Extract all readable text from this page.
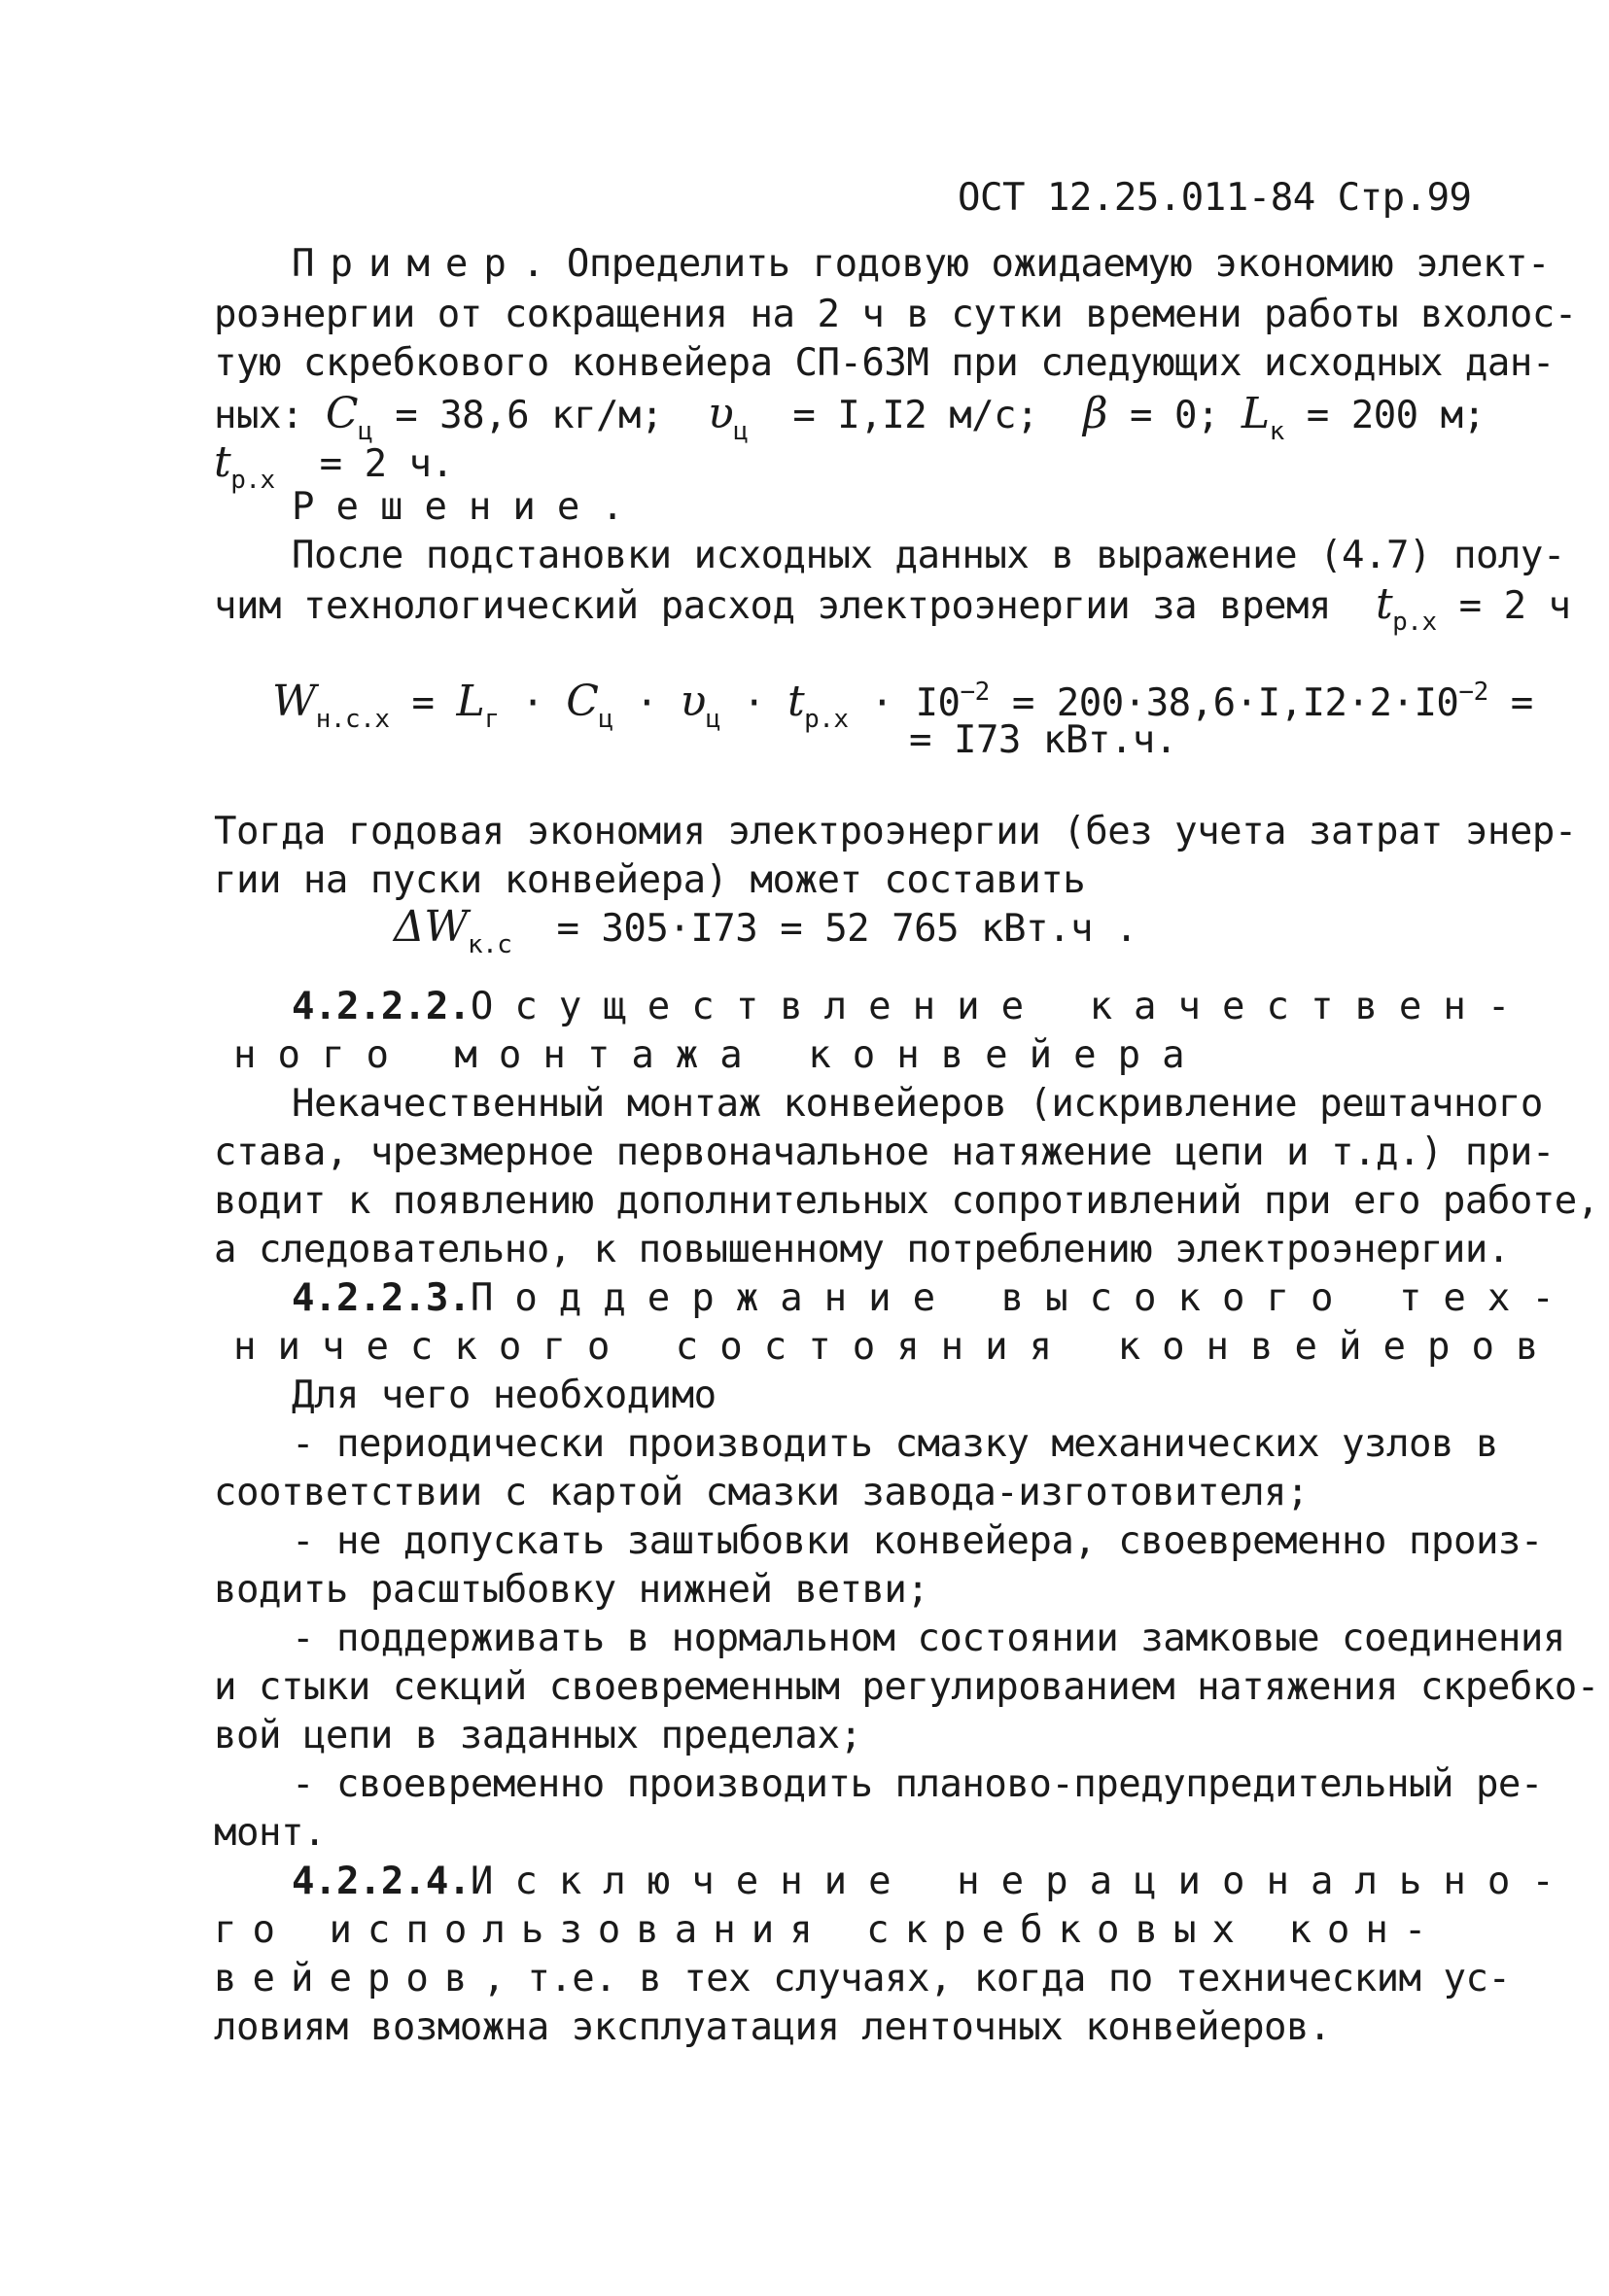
ОСТ 12.25.011-84 Стр.99
Пример. Определить годовую ожидаемую экономию элект-
роэнергии от сокращения на 2 ч в сутки времени работы вхолос-
тую скребкового конвейера СП-63М при следующих исходных дан-
ных: $C_ц = 38,6$ кг/м; $\upsilon_ц = I,I2$ м/с; β = 0; $L_к = 200$ м;
$t_{р.х} = 2$ ч.
Решение.
После подстановки исходных данных в выражение (4.7) полу-
чим технологический расход электроэнергии за время $t_{р.х} = 2$ ч
$W_{н.с.х} = L_г \cdot C_ц \cdot \upsilon_ц \cdot t_{р.х} \cdot I0^{-2} = 200\cdot 38,6\cdot I,I2\cdot 2\cdot I0^{-2}$ =
= I73 кВт.ч.
Тогда годовая экономия электроэнергии (без учета затрат энер-
гии на пуски конвейера) может составить
$\Delta W_{к.с} = 305\cdot I73 = 52$ 765 кВт.ч .
4.2.2.2.Осуществление качествен-
ного монтажа конвейера
Некачественный монтаж конвейеров (искривление рештачного
става, чрезмерное первоначальное натяжение цепи и т.д.) при-
водит к появлению дополнительных сопротивлений при его работе,
а следовательно, к повышенному потреблению электроэнергии.
4.2.2.3.Поддержание высокого тех-
нического состояния конвейеров
Для чего необходимо
- периодически производить смазку механических узлов в
соответствии с картой смазки завода-изготовителя;
- не допускать заштыбовки конвейера, своевременно произ-
водить расштыбовку нижней ветви;
- поддерживать в нормальном состоянии замковые соединения
и стыки секций своевременным регулированием натяжения скребко-
вой цепи в заданных пределах;
- своевременно производить планово-предупредительный ре-
монт.
4.2.2.4.Исключение нерационально-
го использования скребковых кон-
вейеров, т.е. в тех случаях, когда по техническим ус-
ловиям возможна эксплуатация ленточных конвейеров.
